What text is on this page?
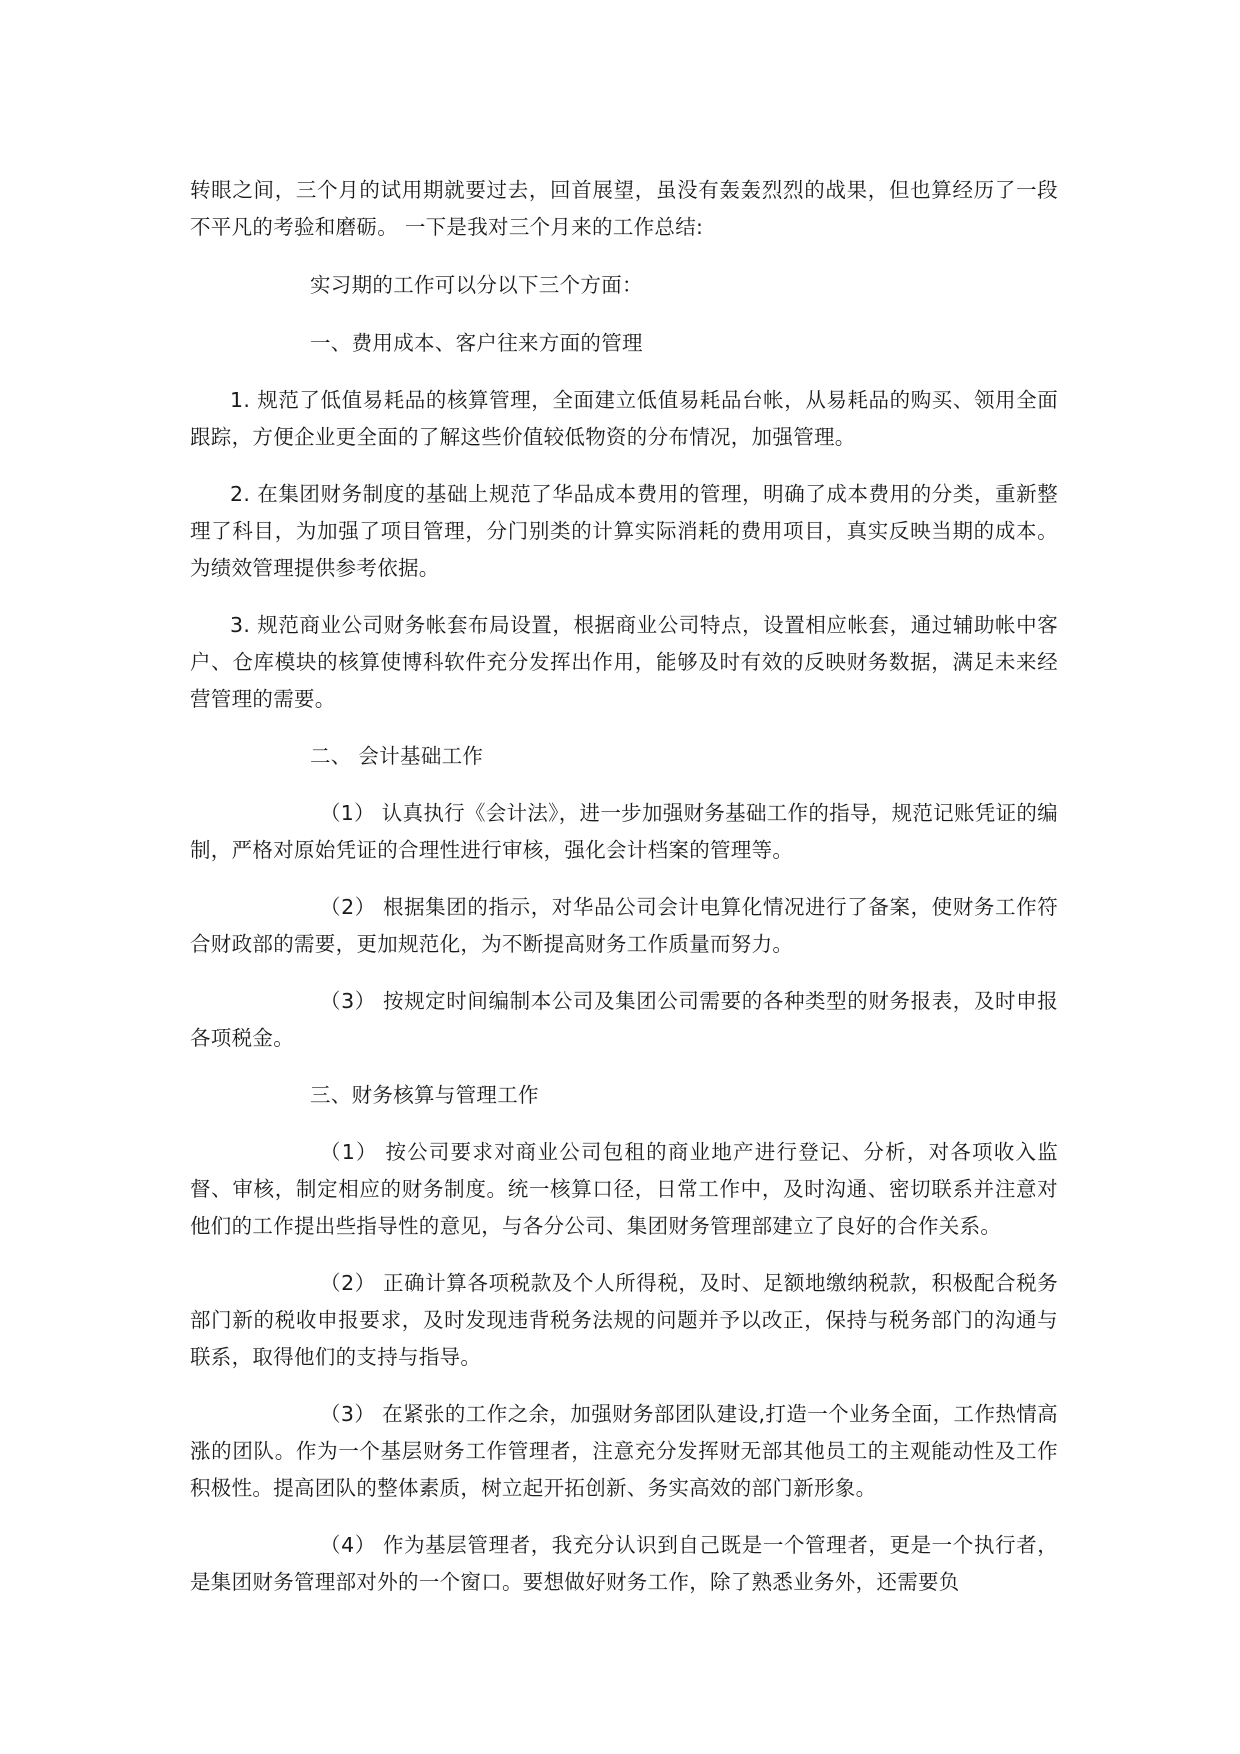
转眼之间，三个月的试用期就要过去，回首展望，虽没有轰轰烈烈的战果，但也算经历了一段不平凡的考验和磨砺。 一下是我对三个月来的工作总结:

实习期的工作可以分以下三个方面：

一、费用成本、客户往来方面的管理

1. 规范了低值易耗品的核算管理，全面建立低值易耗品台帐，从易耗品的购买、领用全面跟踪，方便企业更全面的了解这些价值较低物资的分布情况，加强管理。

2. 在集团财务制度的基础上规范了华品成本费用的管理，明确了成本费用的分类，重新整理了科目，为加强了项目管理，分门别类的计算实际消耗的费用项目，真实反映当期的成本。为绩效管理提供参考依据。

3. 规范商业公司财务帐套布局设置，根据商业公司特点，设置相应帐套，通过辅助帐中客户、仓库模块的核算使博科软件充分发挥出作用，能够及时有效的反映财务数据，满足未来经营管理的需要。

二、 会计基础工作

（1） 认真执行《会计法》，进一步加强财务基础工作的指导，规范记账凭证的编制，严格对原始凭证的合理性进行审核，强化会计档案的管理等。

（2） 根据集团的指示，对华品公司会计电算化情况进行了备案，使财务工作符合财政部的需要，更加规范化，为不断提高财务工作质量而努力。

（3） 按规定时间编制本公司及集团公司需要的各种类型的财务报表，及时申报各项税金。

三、财务核算与管理工作

（1） 按公司要求对商业公司包租的商业地产进行登记、分析，对各项收入监督、审核，制定相应的财务制度。统一核算口径，日常工作中，及时沟通、密切联系并注意对他们的工作提出些指导性的意见，与各分公司、集团财务管理部建立了良好的合作关系。

（2） 正确计算各项税款及个人所得税，及时、足额地缴纳税款，积极配合税务部门新的税收申报要求，及时发现违背税务法规的问题并予以改正，保持与税务部门的沟通与联系，取得他们的支持与指导。

（3） 在紧张的工作之余，加强财务部团队建设,打造一个业务全面，工作热情高涨的团队。作为一个基层财务工作管理者，注意充分发挥财无部其他员工的主观能动性及工作积极性。提高团队的整体素质，树立起开拓创新、务实高效的部门新形象。

（4） 作为基层管理者，我充分认识到自己既是一个管理者，更是一个执行者，是集团财务管理部对外的一个窗口。要想做好财务工作，除了熟悉业务外，还需要负
